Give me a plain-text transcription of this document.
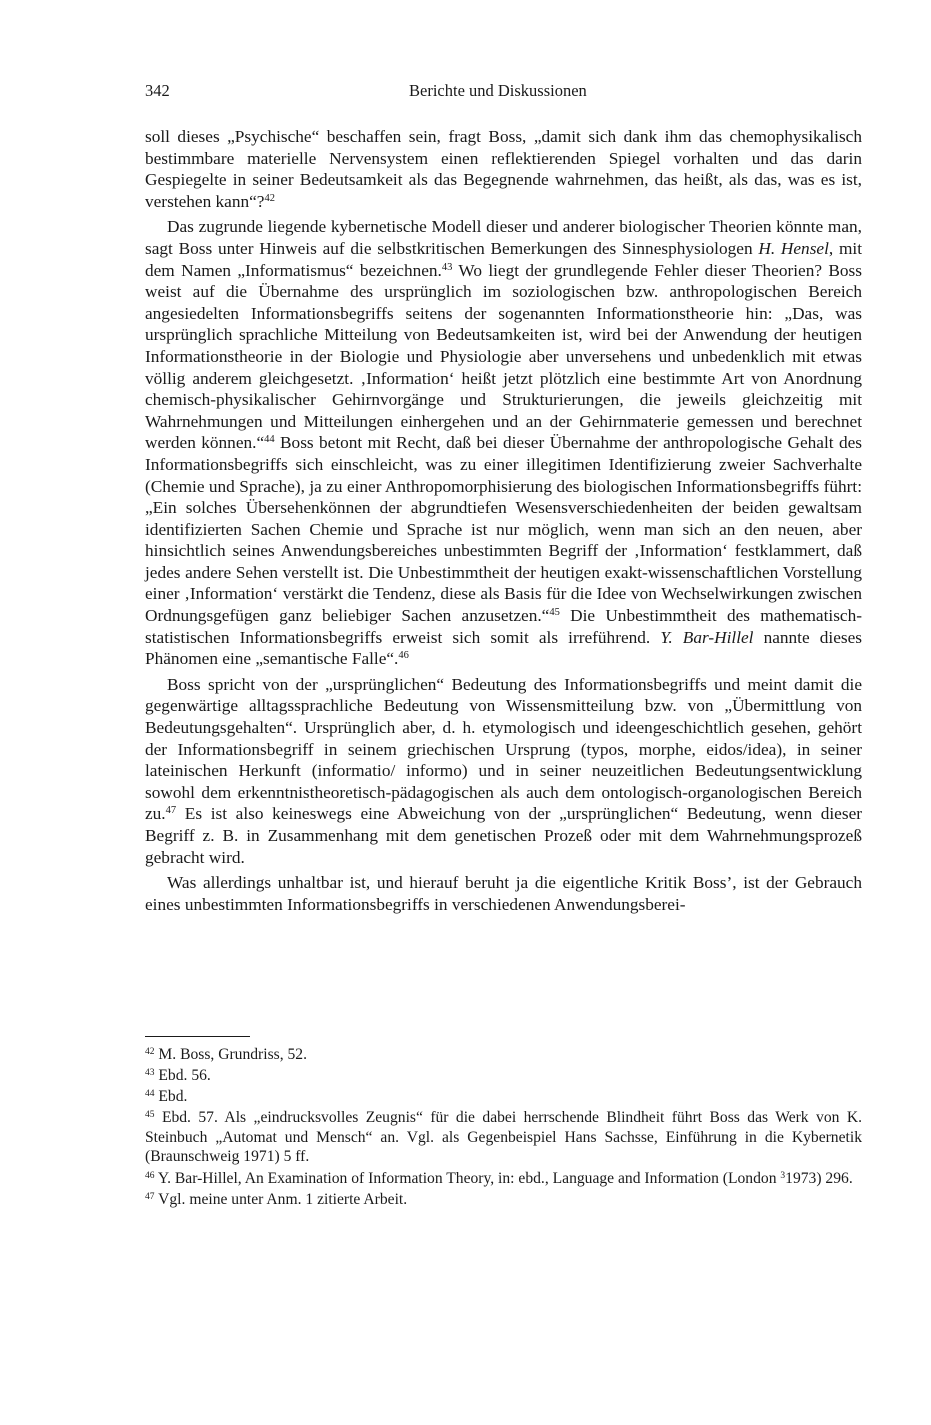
342	Berichte und Diskussionen

soll dieses „Psychische“ beschaffen sein, fragt Boss, „damit sich dank ihm das chemophysikalisch bestimmbare materielle Nervensystem einen reflektierenden Spiegel vorhalten und das darin Gespiegelte in seiner Bedeutsamkeit als das Begegnende wahrnehmen, das heißt, als das, was es ist, verstehen kann“?$^{42}$

Das zugrunde liegende kybernetische Modell dieser und anderer biologischer Theorien könnte man, sagt Boss unter Hinweis auf die selbstkritischen Bemerkungen des Sinnesphysiologen H. Hensel, mit dem Namen „Informatismus“ bezeichnen.$^{43}$ Wo liegt der grundlegende Fehler dieser Theorien? Boss weist auf die Übernahme des ursprünglich im soziologischen bzw. anthropologischen Bereich angesiedelten Informationsbegriffs seitens der sogenannten Informationstheorie hin: „Das, was ursprünglich sprachliche Mitteilung von Bedeutsamkeiten ist, wird bei der Anwendung der heutigen Informationstheorie in der Biologie und Physiologie aber unversehens und unbedenklich mit etwas völlig anderem gleichgesetzt. ‚Information‘ heißt jetzt plötzlich eine bestimmte Art von Anordnung chemisch-physikalischer Gehirnvorgänge und Strukturierungen, die jeweils gleichzeitig mit Wahrnehmungen und Mitteilungen einhergehen und an der Gehirnmaterie gemessen und berechnet werden können.“$^{44}$ Boss betont mit Recht, daß bei dieser Übernahme der anthropologische Gehalt des Informationsbegriffs sich einschleicht, was zu einer illegitimen Identifizierung zweier Sachverhalte (Chemie und Sprache), ja zu einer Anthropomorphisierung des biologischen Informationsbegriffs führt: „Ein solches Übersehenkönnen der abgrundtiefen Wesensverschiedenheiten der beiden gewaltsam identifizierten Sachen Chemie und Sprache ist nur möglich, wenn man sich an den neuen, aber hinsichtlich seines Anwendungsbereiches unbestimmten Begriff der ‚Information‘ festklammert, daß jedes andere Sehen verstellt ist. Die Unbestimmtheit der heutigen exakt-wissenschaftlichen Vorstellung einer ‚Information‘ verstärkt die Tendenz, diese als Basis für die Idee von Wechselwirkungen zwischen Ordnungsgefügen ganz beliebiger Sachen anzusetzen.“$^{45}$ Die Unbestimmtheit des mathematisch-statistischen Informationsbegriffs erweist sich somit als irreführend. Y. Bar-Hillel nannte dieses Phänomen eine „semantische Falle“.$^{46}$

Boss spricht von der „ursprünglichen“ Bedeutung des Informationsbegriffs und meint damit die gegenwärtige alltagssprachliche Bedeutung von Wissensmitteilung bzw. von „Übermittlung von Bedeutungsgehalten“. Ursprünglich aber, d. h. etymologisch und ideengeschichtlich gesehen, gehört der Informationsbegriff in seinem griechischen Ursprung (typos, morphe, eidos/idea), in seiner lateinischen Herkunft (informatio/ informo) und in seiner neuzeitlichen Bedeutungsentwicklung sowohl dem erkenntnistheoretisch-pädagogischen als auch dem ontologisch-organologischen Bereich zu.$^{47}$ Es ist also keineswegs eine Abweichung von der „ursprünglichen“ Bedeutung, wenn dieser Begriff z. B. in Zusammenhang mit dem genetischen Prozeß oder mit dem Wahrnehmungsprozeß gebracht wird.

Was allerdings unhaltbar ist, und hierauf beruht ja die eigentliche Kritik Boss’, ist der Gebrauch eines unbestimmten Informationsbegriffs in verschiedenen Anwendungsberei-

$^{42}$ M. Boss, Grundriss, 52.
$^{43}$ Ebd. 56.
$^{44}$ Ebd.
$^{45}$ Ebd. 57. Als „eindrucksvolles Zeugnis“ für die dabei herrschende Blindheit führt Boss das Werk von K. Steinbuch „Automat und Mensch“ an. Vgl. als Gegenbeispiel Hans Sachsse, Einführung in die Kybernetik (Braunschweig 1971) 5 ff.
$^{46}$ Y. Bar-Hillel, An Examination of Information Theory, in: ebd., Language and Information (London $^3$1973) 296.
$^{47}$ Vgl. meine unter Anm. 1 zitierte Arbeit.
